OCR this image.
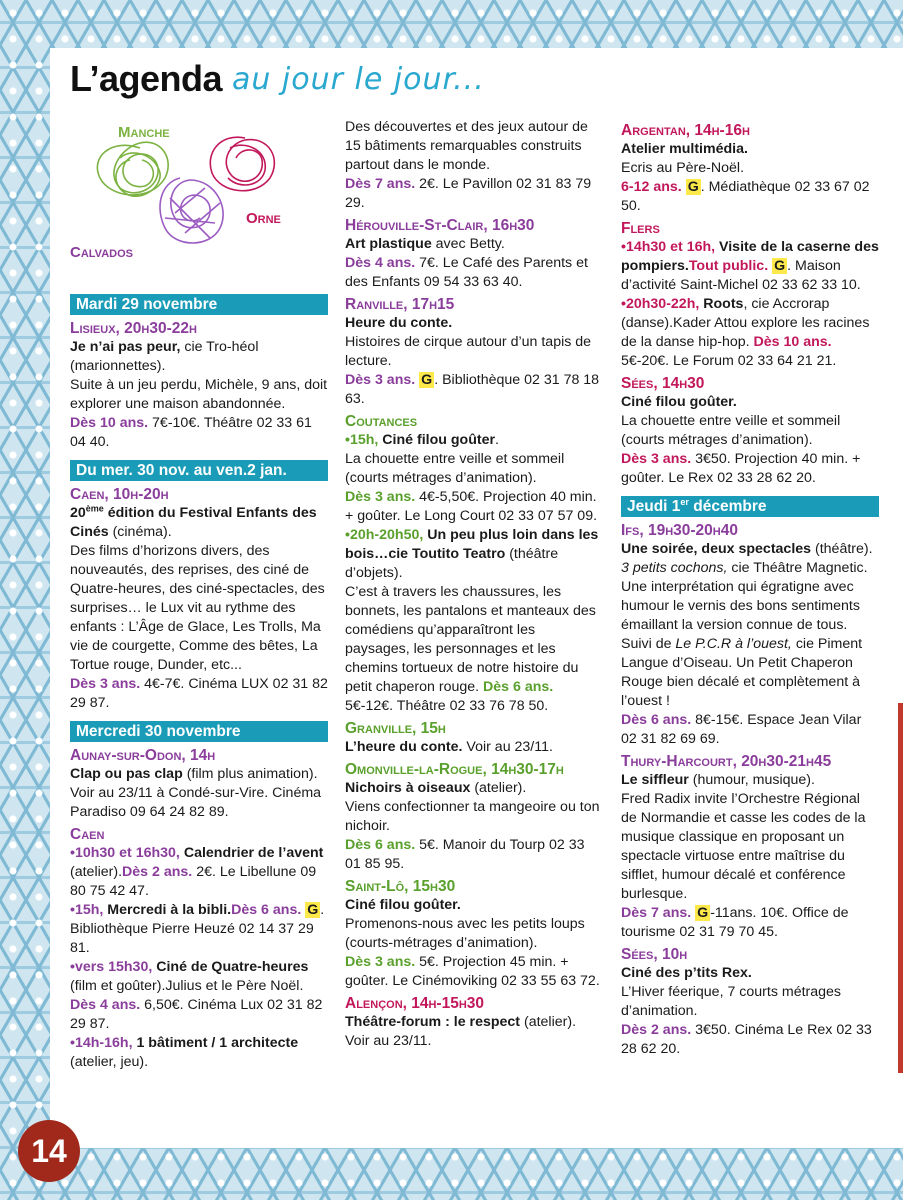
L’agenda au jour le jour...
Manche
Orne
Calvados
Mardi 29 novembre
Lisieux, 20h30-22h

Je n’ai pas peur, cie Tro-héol (marionnettes).

Suite à un jeu perdu, Michèle, 9 ans, doit explorer une maison abandonnée.

Dès 10 ans. 7€-10€. Théâtre 02 33 61 04 40.

Du mer. 30 nov. au ven.2 jan.
Caen, 10h-20h

20ème édition du Festival Enfants des Cinés (cinéma).

Des films d’horizons divers, des nouveautés, des reprises, des ciné de Quatre-heures, des ciné-spectacles, des surprises… le Lux vit au rythme des enfants : L’Âge de Glace, Les Trolls, Ma vie de courgette, Comme des bêtes, La Tortue rouge, Dunder, etc...

Dès 3 ans. 4€-7€. Cinéma LUX 02 31 82 29 87.

Mercredi 30 novembre
Aunay-sur-Odon, 14h

Clap ou pas clap (film plus animation).

Voir au 23/11 à Condé-sur-Vire. Cinéma Paradiso 09 64 24 82 89.

Caen

•10h30 et 16h30, Calendrier de l’avent (atelier).Dès 2 ans. 2€. Le Libellune 09 80 75 42 47.

•15h, Mercredi à la bibli.Dès 6 ans. G . Bibliothèque Pierre Heuzé 02 14 37 29 81.

•vers 15h30, Ciné de Quatre-heures (film et goûter).Julius et le Père Noël. Dès 4 ans. 6,50€. Cinéma Lux 02 31 82 29 87.

•14h-16h, 1 bâtiment / 1 architecte (atelier, jeu).

Des découvertes et des jeux autour de 15 bâtiments remarquables construits partout dans le monde.

Dès 7 ans. 2€. Le Pavillon 02 31 83 79 29.

Hérouville-St-Clair, 16h30

Art plastique avec Betty.

Dès 4 ans. 7€. Le Café des Parents et des Enfants 09 54 33 63 40.

Ranville, 17h15

Heure du conte.

Histoires de cirque autour d’un tapis de lecture.

Dès 3 ans. G . Bibliothèque 02 31 78 18 63.

Coutances

•15h, Ciné filou goûter.

La chouette entre veille et sommeil (courts métrages d’animation).

Dès 3 ans. 4€-5,50€. Projection 40 min. + goûter. Le Long Court 02 33 07 57 09.

•20h-20h50, Un peu plus loin dans les bois…cie Toutito Teatro (théâtre d’objets).

C’est à travers les chaussures, les bonnets, les pantalons et manteaux des comédiens qu’apparaîtront les paysages, les personnages et les chemins tortueux de notre histoire du petit chaperon rouge. Dès 6 ans. 5€-12€. Théâtre 02 33 76 78 50.

Granville, 15h

L’heure du conte. Voir au 23/11.

Omonville-la-Rogue, 14h30-17h

Nichoirs à oiseaux (atelier).

Viens confectionner ta mangeoire ou ton nichoir.

Dès 6 ans. 5€. Manoir du Tourp 02 33 01 85 95.

Saint-Lô, 15h30

Ciné filou goûter.

Promenons-nous avec les petits loups (courts-métrages d’animation).

Dès 3 ans. 5€. Projection 45 min. + goûter. Le Cinémoviking 02 33 55 63 72.

Alençon, 14h-15h30

Théâtre-forum : le respect (atelier). Voir au 23/11.

Argentan, 14h-16h

Atelier multimédia.

Ecris au Père-Noël.

6-12 ans. G . Médiathèque 02 33 67 02 50.

Flers

•14h30 et 16h, Visite de la caserne des pompiers.Tout public. G . Maison d’activité Saint-Michel 02 33 62 33 10.

•20h30-22h, Roots, cie Accrorap (danse).Kader Attou explore les racines de la danse hip-hop. Dès 10 ans. 5€-20€. Le Forum 02 33 64 21 21.

Sées, 14h30

Ciné filou goûter.

La chouette entre veille et sommeil (courts métrages d’animation).

Dès 3 ans. 3€50. Projection 40 min. + goûter. Le Rex 02 33 28 62 20.

Jeudi 1er décembre
Ifs, 19h30-20h40

Une soirée, deux spectacles (théâtre).

3 petits cochons, cie Théâtre Magnetic. Une interprétation qui égratigne avec humour le vernis des bons sentiments émaillant la version connue de tous. Suivi de Le P.C.R à l’ouest, cie Piment Langue d’Oiseau. Un Petit Chaperon Rouge bien décalé et complètement à l’ouest !

Dès 6 ans. 8€-15€. Espace Jean Vilar 02 31 82 69 69.

Thury-Harcourt, 20h30-21h45

Le siffleur (humour, musique).

Fred Radix invite l’Orchestre Régional de Normandie et casse les codes de la musique classique en proposant un spectacle virtuose entre maîtrise du sifflet, humour décalé et conférence burlesque.

Dès 7 ans. G -11ans. 10€. Office de tourisme 02 31 79 70 45.

Sées, 10h

Ciné des p’tits Rex.

L’Hiver féerique, 7 courts métrages d’animation.

Dès 2 ans. 3€50. Cinéma Le Rex 02 33 28 62 20.

14
